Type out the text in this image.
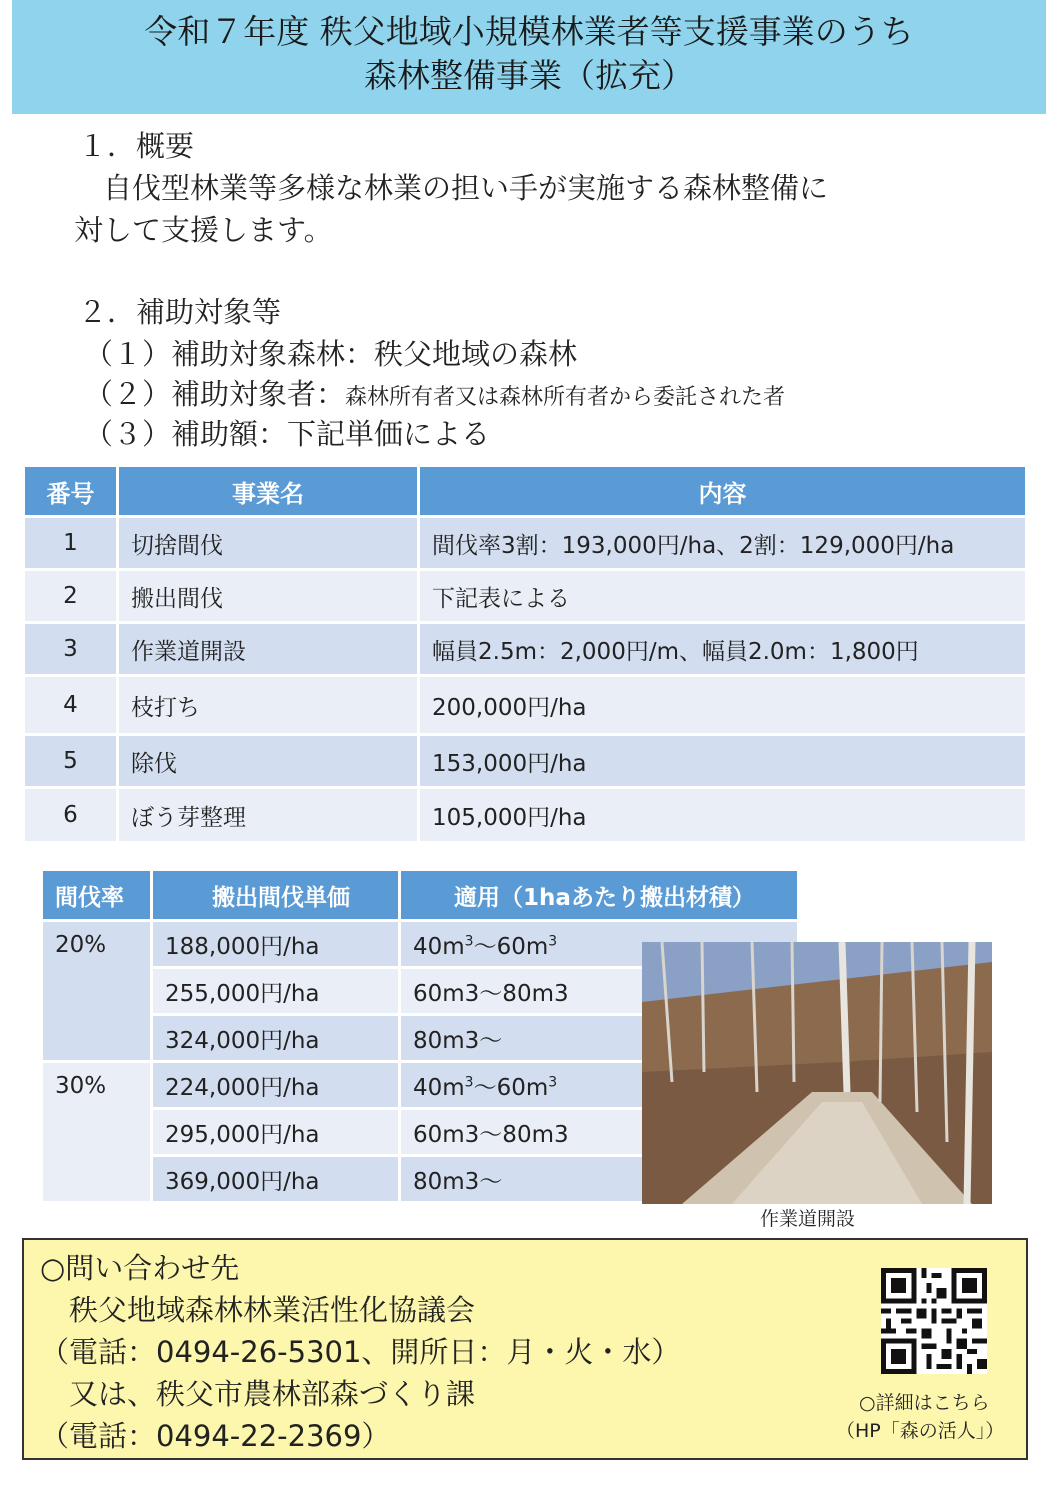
令和７年度 秩父地域小規模林業者等支援事業のうち
森林整備事業（拡充）
１．概要
　自伐型林業等多様な林業の担い手が実施する森林整備に
対して支援します。
２．補助対象等
（１）補助対象森林：秩父地域の森林
（２）補助対象者：森林所有者又は森林所有者から委託された者
（３）補助額：下記単価による
番号	事業名	内容
1	切捨間伐	間伐率3割：193,000円/ha、2割：129,000円/ha
2	搬出間伐	下記表による
3	作業道開設	幅員2.5m：2,000円/m、幅員2.0m：1,800円
4	枝打ち	200,000円/ha
5	除伐	153,000円/ha
6	ぼう芽整理	105,000円/ha
間伐率	搬出間伐単価	適用（1haあたり搬出材積）
20%	188,000円/ha	$40m^3\sim 60m^3$
	255,000円/ha	60m3～80m3
	324,000円/ha	80m3～
30%	224,000円/ha	$40m^3\sim 60m^3$
	295,000円/ha	60m3～80m3
	369,000円/ha	80m3～
作業道開設
○問い合わせ先
　秩父地域森林林業活性化協議会
（電話：0494-26-5301、開所日：月・火・水）
　又は、秩父市農林部森づくり課
（電話：0494-22-2369）
○詳細はこちら
（HP「森の活人」）
